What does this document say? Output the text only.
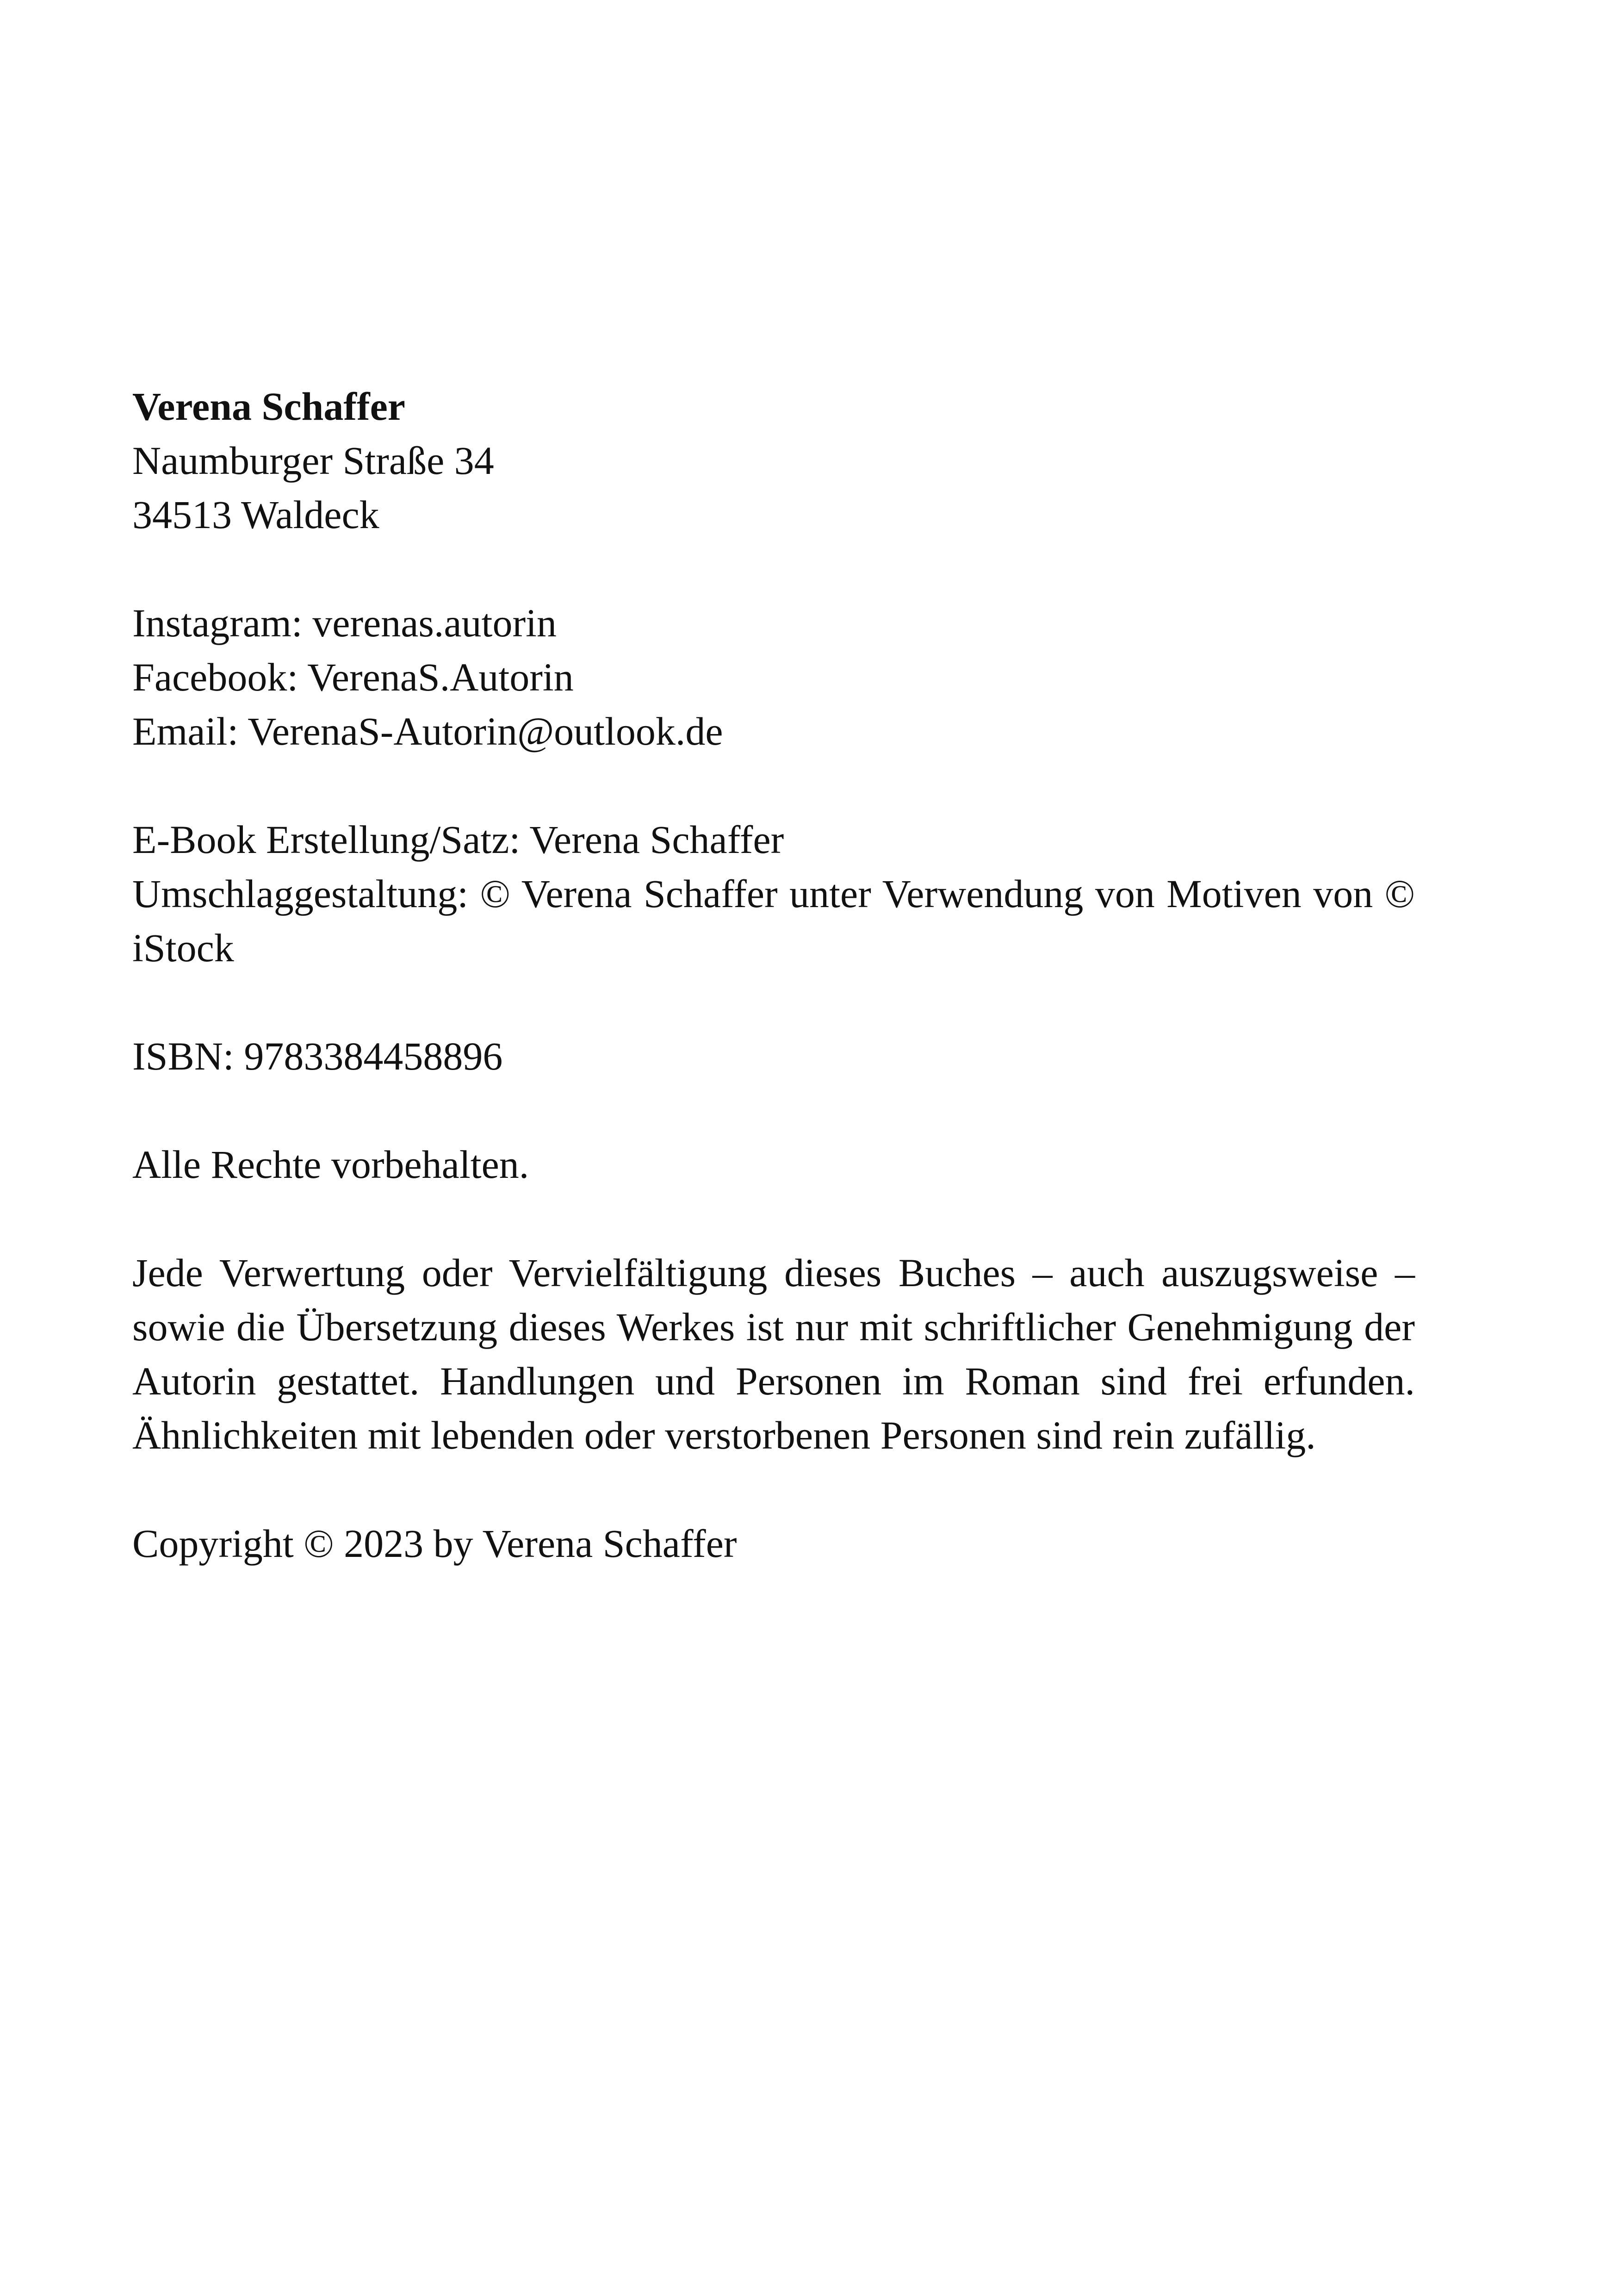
Verena Schaffer
Naumburger Straße 34
34513 Waldeck
Instagram: verenas.autorin
Facebook: VerenaS.Autorin
Email: VerenaS-Autorin@outlook.de
E-Book Erstellung/Satz: Verena Schaffer

Umschlaggestaltung: © Verena Schaffer unter Verwendung von Motiven von © iStock

ISBN: 9783384458896
Alle Rechte vorbehalten.

Jede Verwertung oder Vervielfältigung dieses Buches – auch auszugsweise – sowie die Übersetzung dieses Werkes ist nur mit schriftlicher Genehmigung der Autorin gestattet. Handlungen und Personen im Roman sind frei erfunden. Ähnlichkeiten mit lebenden oder verstorbenen Personen sind rein zufällig.

Copyright © 2023 by Verena Schaffer
